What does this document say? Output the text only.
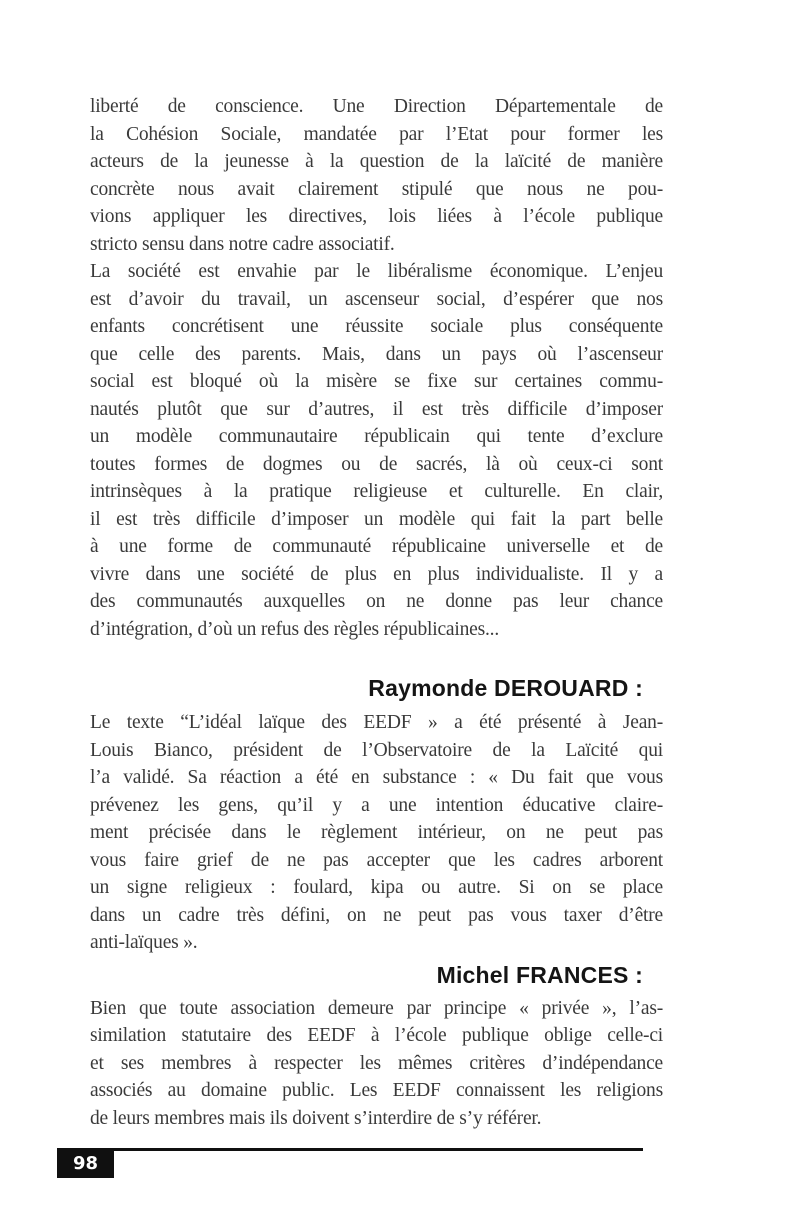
liberté de conscience. Une Direction Départementale de
la Cohésion Sociale, mandatée par l’Etat pour former les
acteurs de la jeunesse à la question de la laïcité de manière
concrète nous avait clairement stipulé que nous ne pou-
vions appliquer les directives, lois liées à l’école publique
stricto sensu dans notre cadre associatif.
La société est envahie par le libéralisme économique. L’enjeu
est d’avoir du travail, un ascenseur social, d’espérer que nos
enfants concrétisent une réussite sociale plus conséquente
que celle des parents. Mais, dans un pays où l’ascenseur
social est bloqué où la misère se fixe sur certaines commu-
nautés plutôt que sur d’autres, il est très difficile d’imposer
un modèle communautaire républicain qui tente d’exclure
toutes formes de dogmes ou de sacrés, là où ceux-ci sont
intrinsèques à la pratique religieuse et culturelle. En clair,
il est très difficile d’imposer un modèle qui fait la part belle
à une forme de communauté républicaine universelle et de
vivre dans une société de plus en plus individualiste. Il y a
des communautés auxquelles on ne donne pas leur chance
d’intégration, d’où un refus des règles républicaines...
Raymonde DEROUARD :
Le texte “L’idéal laïque des EEDF » a été présenté à Jean-
Louis Bianco, président de l’Observatoire de la Laïcité qui
l’a validé. Sa réaction a été en substance : « Du fait que vous
prévenez les gens, qu’il y a une intention éducative claire-
ment précisée dans le règlement intérieur, on ne peut pas
vous faire grief de ne pas accepter que les cadres arborent
un signe religieux : foulard, kipa ou autre. Si on se place
dans un cadre très défini, on ne peut pas vous taxer d’être
anti-laïques ».
Michel FRANCES :
Bien que toute association demeure par principe « privée », l’as-
similation statutaire des EEDF à l’école publique oblige celle-ci
et ses membres à respecter les mêmes critères d’indépendance
associés au domaine public. Les EEDF connaissent les religions
de leurs membres mais ils doivent s’interdire de s’y référer.
98
